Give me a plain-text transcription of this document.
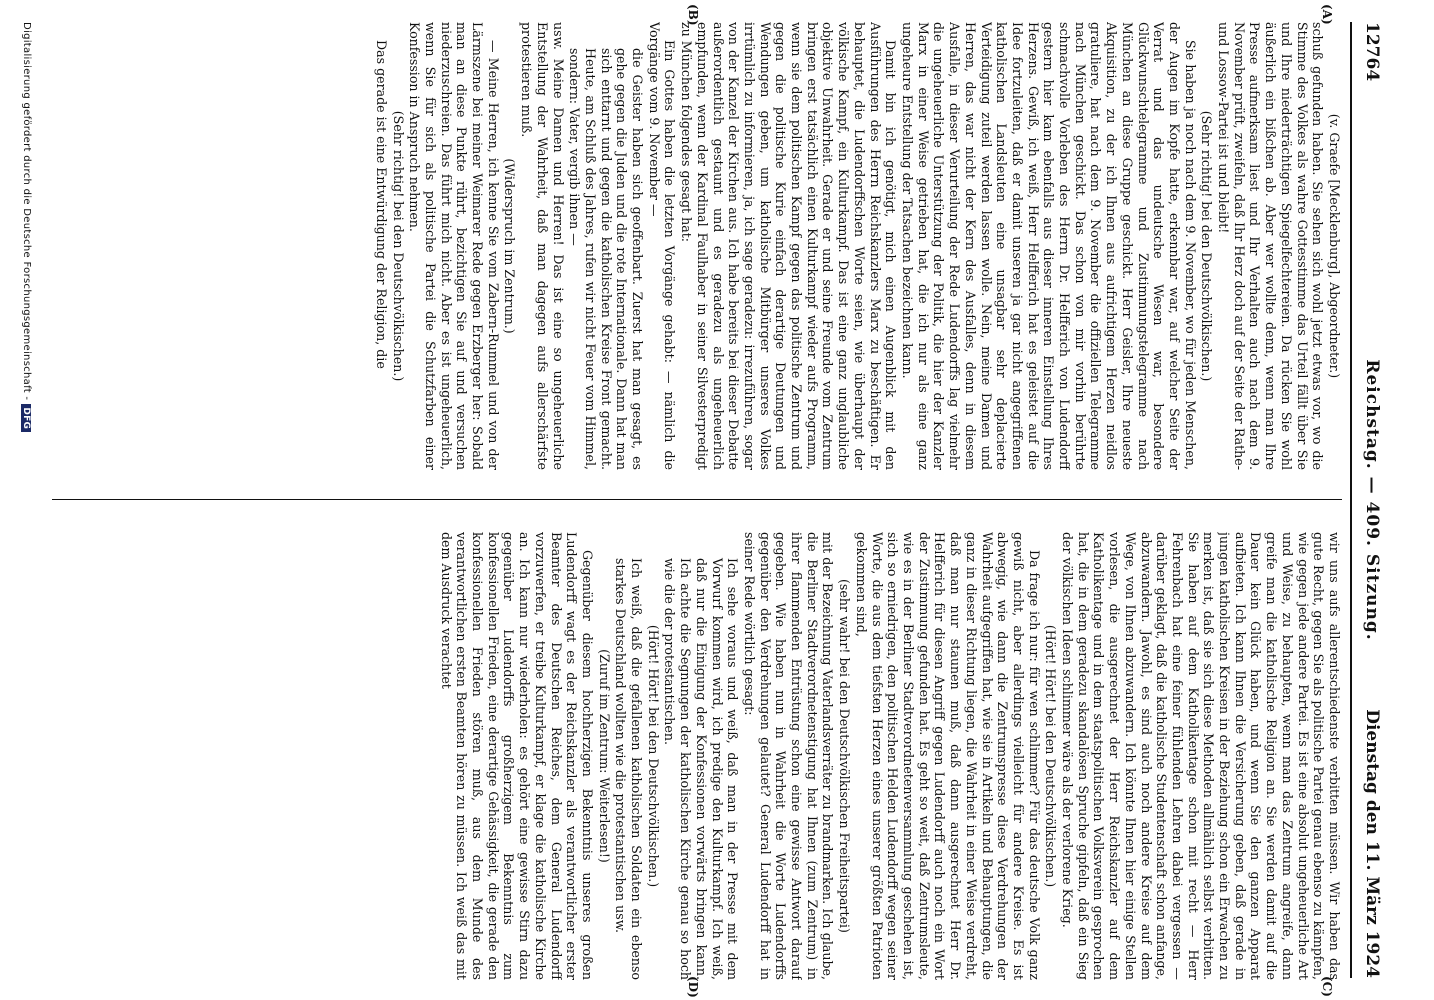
12764
Reichstag. — 409. Sitzung.
Dienstag den 11. März 1924
(A)
(B)
(C)
(D)

(v. Graefe [Mecklenburg], Abgeordneter.)

schuß gefunden haben. Sie sehen sich wohl jetzt etwas vor, wo die Stimme des Volkes als wahre Gottesstimme das Urteil fällt über Sie und Ihre niederträchtigen Spiegelfechtereien. Da rücken Sie wohl äußerlich ein bißchen ab. Aber wer wollte denn, wenn man Ihre Presse aufmerksam liest und Ihr Verhalten auch nach dem 9. November prüft, zweifeln, daß Ihr Herz doch auf der Seite der Rathe- und Lossow-Partei ist und bleibt!

(Sehr richtig! bei den Deutschvölkischen.)

Sie haben ja noch nach dem 9. November, wo für jeden Menschen, der Augen im Kopfe hatte, erkennbar war, auf welcher Seite der Verrat und das undeutsche Wesen war, besondere Glückwunschtelegramme und Zustimmungstelegramme nach München an diese Gruppe geschickt. Herr Geisler, Ihre neueste Akquisition, zu der ich Ihnen aus aufrichtigem Herzen neidlos gratuliere, hat nach dem 9. November die offiziellen Telegramme nach München geschickt. Das schon von mir vorhin berührte schmachvolle Vorleben des Herrn Dr. Helfferich von Ludendorff gestern hier kam ebenfalls aus dieser inneren Einstellung Ihres Herzens. Gewiß, ich weiß, Herr Helfferich hat es geleistet auf die Idee fortzuleiten, daß er damit unseren ja gar nicht angegriffenen katholischen Landsleuten eine unsagbar sehr deplacierte Verteidigung zuteil werden lassen wolle. Nein, meine Damen und Herren, das war nicht der Kern des Ausfalles, denn in diesem Ausfalle, in dieser Verurteilung der Rede Ludendorffs lag vielmehr die ungeheuerliche Unterstützung der Politik, die hier der Kanzler Marx in einer Weise getrieben hat, die ich nur als eine ganz ungeheure Entstellung der Tatsachen bezeichnen kann.

Damit bin ich genötigt, mich einen Augenblick mit den Ausführungen des Herrn Reichskanzlers Marx zu beschäftigen. Er behauptet, die Ludendorffschen Worte seien, wie überhaupt der völkische Kampf, ein Kulturkampf. Das ist eine ganz unglaubliche objektive Unwahrheit. Gerade er und seine Freunde vom Zentrum bringen erst tatsächlich einen Kulturkampf wieder aufs Programm, wenn sie dem politischen Kampf gegen das politische Zentrum und gegen die politische Kurie einfach derartige Deutungen und Wendungen geben, um katholische Mitbürger unseres Volkes irrtümlich zu informieren, ja, ich sage geradezu: irrezuführen, sogar von der Kanzel der Kirchen aus. Ich habe bereits bei dieser Debatte außerordentlich gestaunt und es geradezu als ungeheuerlich empfunden, wenn der Kardinal Faulhaber in seiner Silvesterpredigt zu München folgendes gesagt hat:

Ein Gottes haben die letzten Vorgänge gehabt: — nämlich die Vorgänge vom 9. November —

die Geister haben sich geoffenbart. Zuerst hat man gesagt, es gehe gegen die Juden und die rote Internationale. Dann hat man sich enttarnt und gegen die katholischen Kreise Front gemacht. Heute, am Schluß des Jahres, rufen wir nicht Feuer vom Himmel, sondern: Vater, vergib ihnen —

usw. Meine Damen und Herren! Das ist eine so ungeheuerliche Entstellung der Wahrheit, daß man dagegen aufs allerschärfste protestieren muß.

(Widerspruch im Zentrum.)

— Meine Herren, ich kenne Sie vom Zabern-Rummel und von der Lärmszene bei meiner Weimarer Rede gegen Erzberger her: Sobald man an diese Punkte rührt, bezichtigen Sie auf und versuchen niederzuschreien. Das führt mich nicht. Aber es ist ungeheuerlich, wenn Sie für sich als politische Partei die Schutzfarben einer Konfession in Anspruch nehmen.

(Sehr richtig! bei den Deutschvölkischen.)

Das gerade ist eine Entwürdigung der Religion, die

wir uns aufs allerentschiedenste verbitten müssen. Wir haben das gute Recht, gegen Sie als politische Partei genau ebenso zu kämpfen, wie gegen jede andere Partei. Es ist eine absolut ungeheuerliche Art und Weise, zu behaupten, wenn man das Zentrum angreife, dann greife man die katholische Religion an. Sie werden damit auf die Dauer kein Glück haben, und wenn Sie den ganzen Apparat aufbieten. Ich kann Ihnen die Versicherung geben, daß gerade in jungen katholischen Kreisen in der Beziehung schon ein Erwachen zu merken ist, daß sie sich diese Methoden allmählich selbst verbitten. Sie haben auf dem Katholikentage schon mit recht — Herr Fehrenbach hat eine feiner fühlenden Lehren dabei vergessen — darüber geklagt, daß die katholische Studentenschaft schon anfange, abzuwandern. Jawohl, es sind auch noch andere Kreise auf dem Wege, von Ihnen abzuwandern. Ich könnte Ihnen hier einige Stellen vorlesen, die ausgerechnet der Herr Reichskanzler auf dem Katholikentage und in dem staatspolitischen Volksverein gesprochen hat, die in dem geradezu skandalösen Spruche gipfeln, daß ein Sieg der völkischen Ideen schlimmer wäre als der verlorene Krieg.

(Hört! Hört! bei den Deutschvölkischen.)

Da frage ich nur: für wen schlimmer? Für das deutsche Volk ganz gewiß nicht, aber allerdings vielleicht für andere Kreise. Es ist abwegig, wie dann die Zentrumspresse diese Verdrehungen der Wahrheit aufgegriffen hat, wie sie in Artikeln und Behauptungen, die ganz in dieser Richtung liegen, die Wahrheit in einer Weise verdreht, daß man nur staunen muß, daß dann ausgerechnet Herr Dr. Helfferich für diesen Angriff gegen Ludendorff auch noch ein Wort der Zustimmung gefunden hat. Es geht so weit, daß Zentrumsleute, wie es in der Berliner Stadtverordnetenversammlung geschehen ist, sich so erniedrigen, den politischen Helden Ludendorff wegen seiner Worte, die aus dem tiefsten Herzen eines unserer größten Patrioten gekommen sind,

(sehr wahr! bei den Deutschvölkischen Freiheitspartei)

mit der Bezeichnung Vaterlandsverräter zu brandmarken. Ich glaube, die Berliner Stadtverordnetenstigung hat Ihnen (zum Zentrum) in ihrer flammenden Entrüstung schon eine gewisse Antwort darauf gegeben. Wie haben nun in Wahrheit die Worte Ludendorffs gegenüber den Verdrehungen gelautet? General Ludendorff hat in seiner Rede wörtlich gesagt:

Ich sehe voraus und weiß, daß man in der Presse mit dem Vorwurf kommen wird, ich predige den Kulturkampf. Ich weiß, daß nur die Einigung der Konfessionen vorwärts bringen kann. Ich achte die Segnungen der katholischen Kirche genau so hoch wie die der protestantischen.

(Hört! Hört! bei den Deutschvölkischen.)

Ich weiß, daß die gefallenen katholischen Soldaten ein ebenso starkes Deutschland wollten wie die protestantischen usw.

(Zuruf im Zentrum: Weiterlesen!)

Gegenüber diesem hochherzigen Bekenntnis unseres großen Ludendorff wagt es der Reichskanzler als verantwortlicher erster Beamter des Deutschen Reiches, dem General Ludendorff vorzuwerfen, er treibe Kulturkampf, er klage die katholische Kirche an. Ich kann nur wiederholen: es gehört eine gewisse Stirn dazu gegenüber Ludendorffs großherzigem Bekenntnis zum konfessionellen Frieden, eine derartige Gehässigkeit, die gerade den konfessionellen Frieden stören muß, aus dem Munde des verantwortlichen ersten Beamten hören zu müssen. Ich weiß das mit dem Ausdruck verachtet

Digitalisierung gefördert durch die Deutsche Forschungsgemeinschaft -DFG
